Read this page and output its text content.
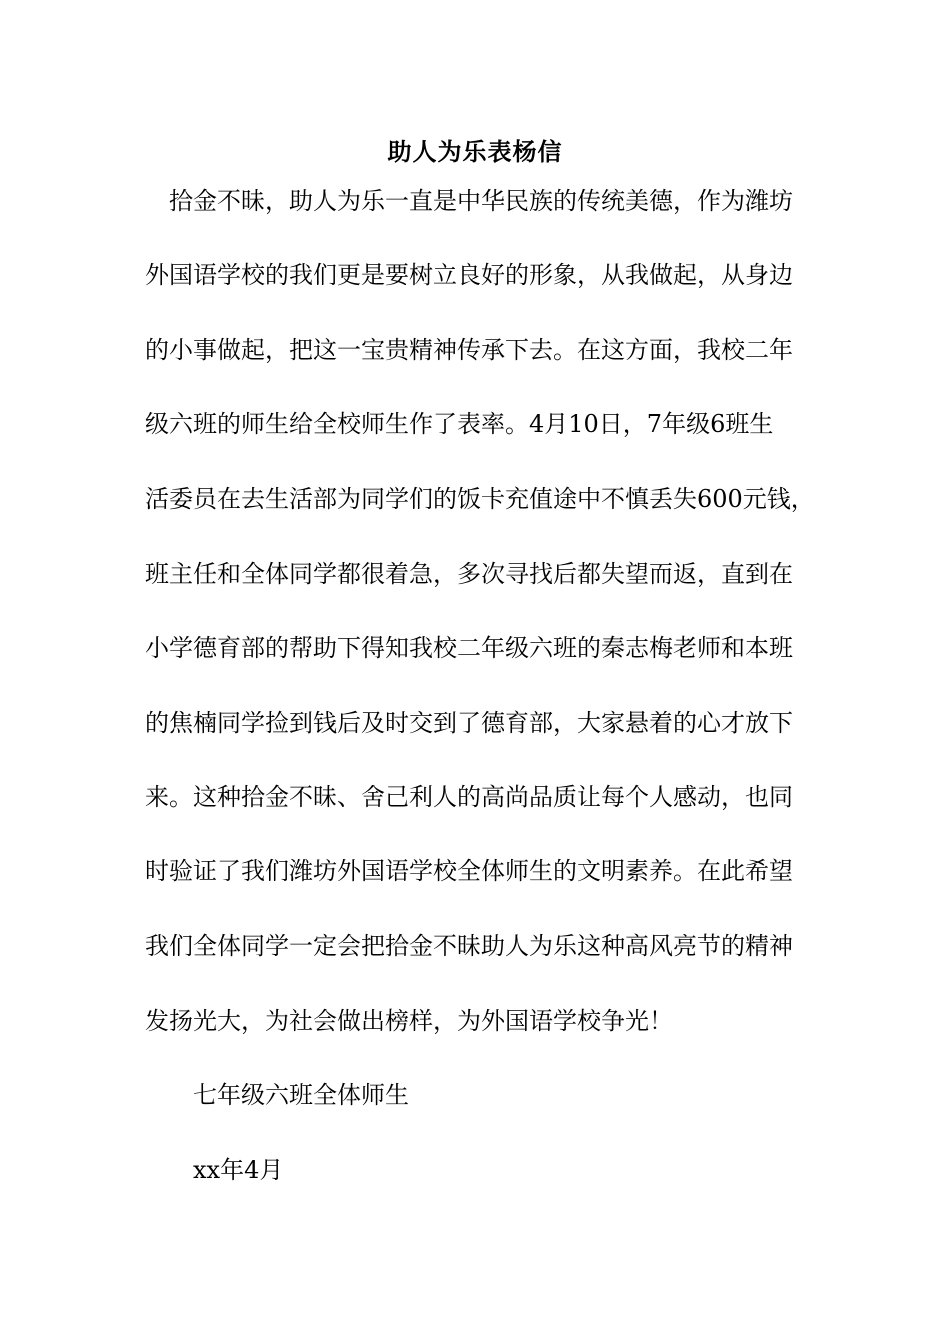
助人为乐表杨信
　拾金不昧，助人为乐一直是中华民族的传统美德，作为潍坊
外国语学校的我们更是要树立良好的形象，从我做起，从身边
的小事做起，把这一宝贵精神传承下去。在这方面，我校二年
级六班的师生给全校师生作了表率。4月10日，7年级6班生
活委员在去生活部为同学们的饭卡充值途中不慎丢失600元钱，
班主任和全体同学都很着急，多次寻找后都失望而返，直到在
小学德育部的帮助下得知我校二年级六班的秦志梅老师和本班
的焦楠同学捡到钱后及时交到了德育部，大家悬着的心才放下
来。这种拾金不昧、舍己利人的高尚品质让每个人感动，也同
时验证了我们潍坊外国语学校全体师生的文明素养。在此希望
我们全体同学一定会把拾金不昧助人为乐这种高风亮节的精神
发扬光大，为社会做出榜样，为外国语学校争光！
七年级六班全体师生
xx年4月
